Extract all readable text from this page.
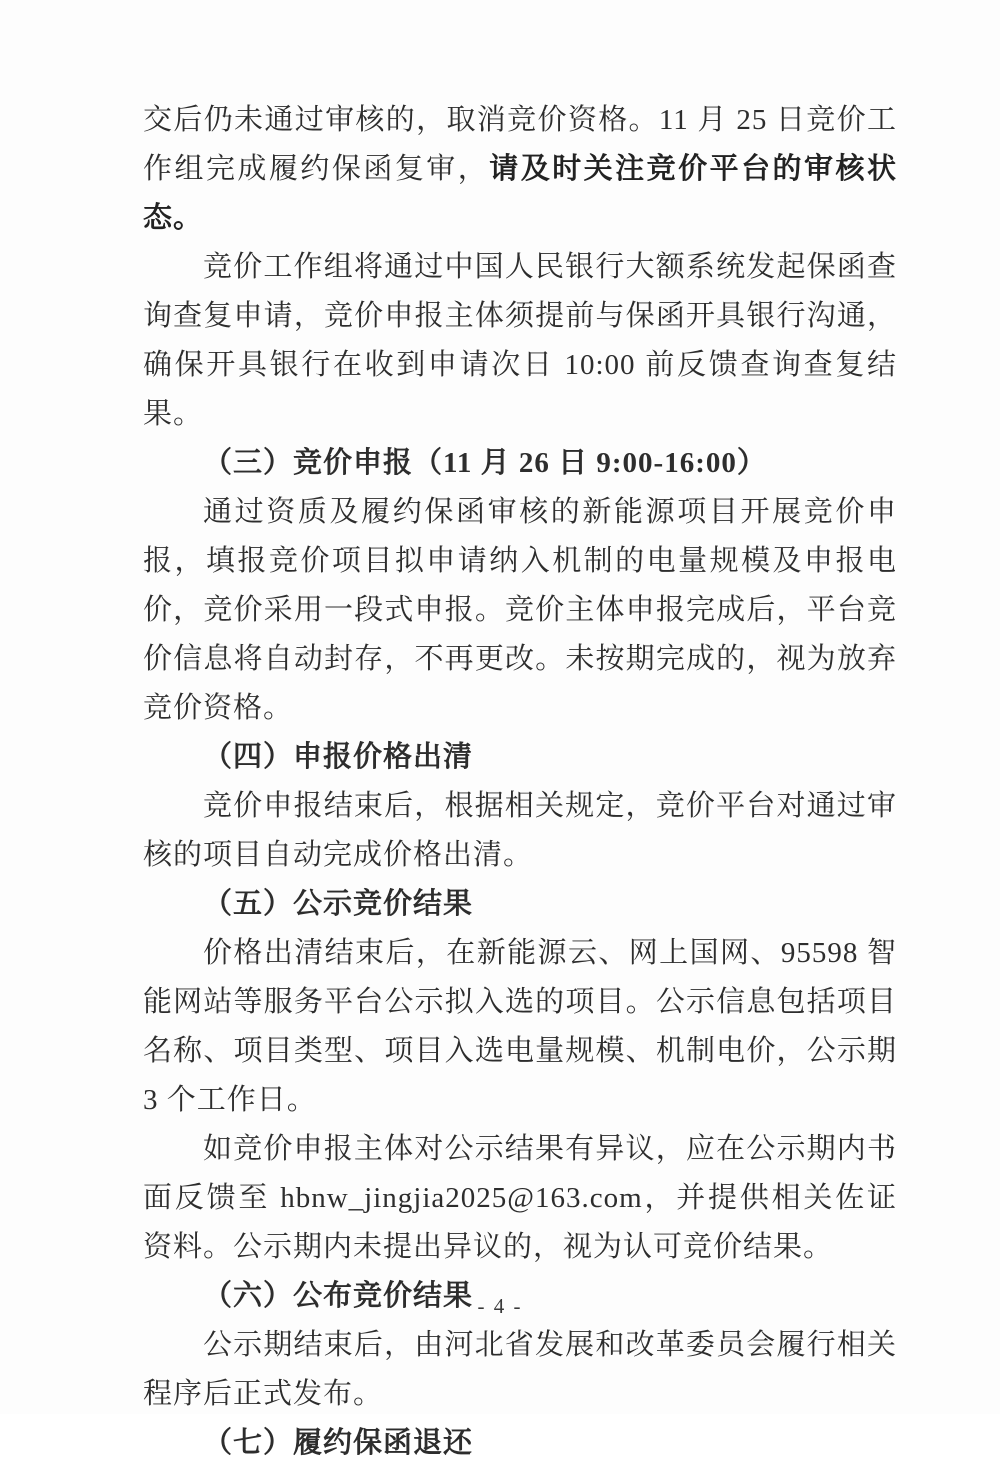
交后仍未通过审核的，取消竞价资格。11 月 25 日竞价工作组完成履约保函复审，请及时关注竞价平台的审核状态。

竞价工作组将通过中国人民银行大额系统发起保函查询查复申请，竞价申报主体须提前与保函开具银行沟通，确保开具银行在收到申请次日 10:00 前反馈查询查复结果。

（三）竞价申报（11 月 26 日 9:00-16:00）

通过资质及履约保函审核的新能源项目开展竞价申报，填报竞价项目拟申请纳入机制的电量规模及申报电价，竞价采用一段式申报。竞价主体申报完成后，平台竞价信息将自动封存，不再更改。未按期完成的，视为放弃竞价资格。

（四）申报价格出清

竞价申报结束后，根据相关规定，竞价平台对通过审核的项目自动完成价格出清。

（五）公示竞价结果

价格出清结束后，在新能源云、网上国网、95598 智能网站等服务平台公示拟入选的项目。公示信息包括项目名称、项目类型、项目入选电量规模、机制电价，公示期 3 个工作日。

如竞价申报主体对公示结果有异议，应在公示期内书面反馈至 hbnw_jingjia2025@163.com，并提供相关佐证资料。公示期内未提出异议的，视为认可竞价结果。

（六）公布竞价结果

公示期结束后，由河北省发展和改革委员会履行相关程序后正式发布。

（七）履约保函退还

- 4 -
